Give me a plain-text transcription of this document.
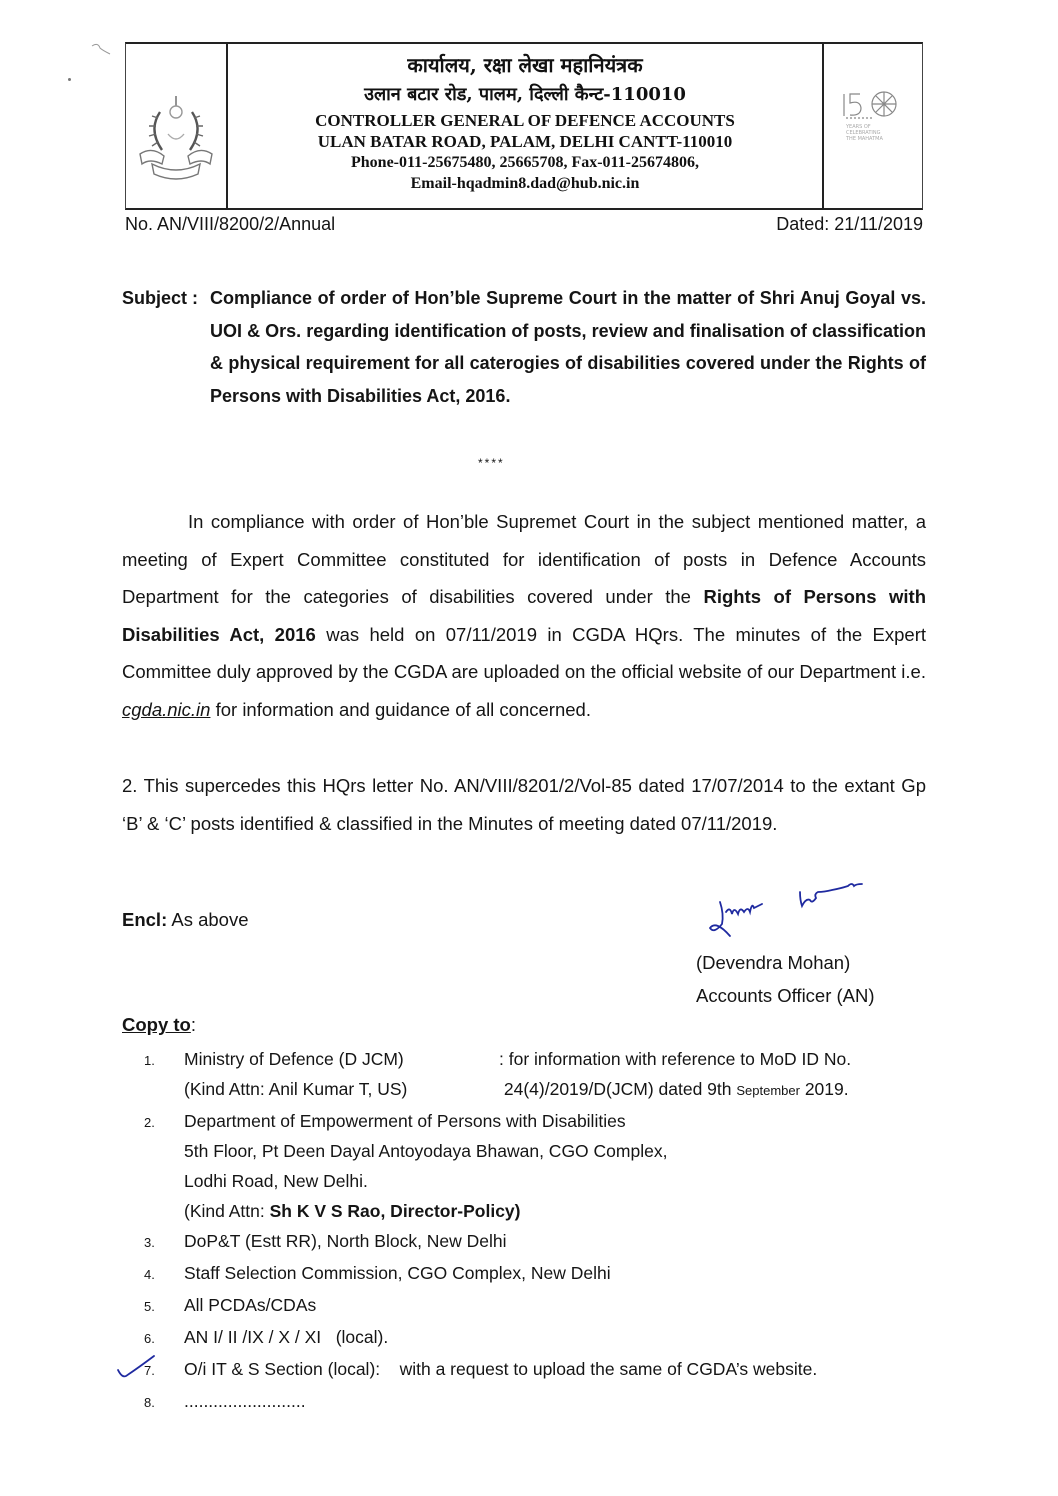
कार्यालय, रक्षा लेखा महानियंत्रक
उलान बटार रोड, पालम, दिल्ली कैन्ट-110010
CONTROLLER GENERAL OF DEFENCE ACCOUNTS
ULAN BATAR ROAD, PALAM, DELHI CANTT-110010
Phone-011-25675480, 25665708, Fax-011-25674806,
Email-hqadmin8.dad@hub.nic.in
YEARS OF
CELEBRATING
THE MAHATMA
No. AN/VIII/8200/2/Annual	Dated: 21/11/2019
Subject : Compliance of order of Hon’ble Supreme Court in the matter of Shri Anuj Goyal vs. UOI & Ors. regarding identification of posts, review and finalisation of classification & physical requirement for all caterogies of disabilities covered under the Rights of Persons with Disabilities Act, 2016.
****
In compliance with order of Hon’ble Supremet Court in the subject mentioned matter, a meeting of Expert Committee constituted for identification of posts in Defence Accounts Department for the categories of disabilities covered under the Rights of Persons with Disabilities Act, 2016 was held on 07/11/2019 in CGDA HQrs. The minutes of the Expert Committee duly approved by the CGDA are uploaded on the official website of our Department i.e. cgda.nic.in for information and guidance of all concerned.
2. This supercedes this HQrs letter No. AN/VIII/8201/2/Vol-85 dated 17/07/2014 to the extant Gp ‘B’ & ‘C’ posts identified & classified in the Minutes of meeting dated 07/11/2019.
Encl: As above
(Devendra Mohan)
Accounts Officer (AN)
Copy to:
1.	Ministry of Defence (D JCM)	: for information with reference to MoD ID No.
(Kind Attn: Anil Kumar T, US)	24(4)/2019/D(JCM) dated 9th September 2019.
2.	Department of Empowerment of Persons with Disabilities
5th Floor, Pt Deen Dayal Antoyodaya Bhawan, CGO Complex,
Lodhi Road, New Delhi.
(Kind Attn: Sh K V S Rao, Director-Policy)
3.	DoP&T (Estt RR), North Block, New Delhi
4.	Staff Selection Commission, CGO Complex, New Delhi
5.	All PCDAs/CDAs
6.	AN I/ II /IX / X / XI   (local).
7.	O/i IT & S Section (local):    with a request to upload the same of CGDA’s website.
8.	.........................
